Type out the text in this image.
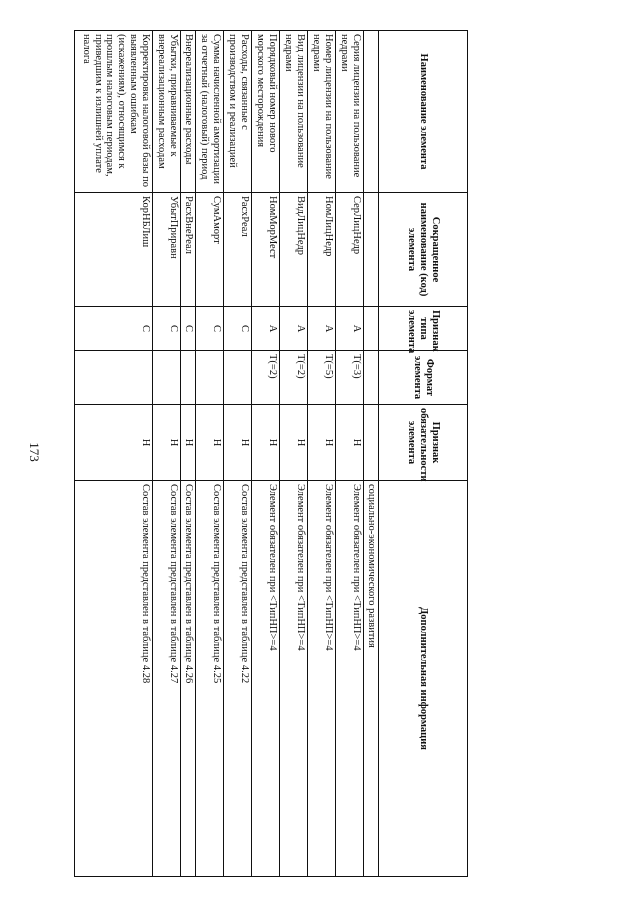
173
Наименование элемента	Сокращенное наименование (код) элемента	Признак типа элемента	Формат элемента	Признак обязательности элемента	Дополнительная информация
					социально-экономического развития
Серия лицензии на пользование недрами	СерЛицНедр	А	T(=3)	Н	Элемент обязателен при <ТипНП>=4
Номер лицензии на пользование недрами	НомЛицНедр	А	T(=5)	Н	Элемент обязателен при <ТипНП>=4
Вид лицензии на пользование недрами	ВидЛицНедр	А	T(=2)	Н	Элемент обязателен при <ТипНП>=4
Порядковый номер нового морского месторождения	НомМорМест	А	T(=2)	Н	Элемент обязателен при <ТипНП>=4
Расходы, связанные с производством и реализацией	РасхРеал	С		Н	Состав элемента представлен в таблице 4.22
Сумма начисленной амортизации за отчетный (налоговый) период	СумАморт	С		Н	Состав элемента представлен в таблице 4.25
Внереализационные расходы	РасхВнеРеал	С		Н	Состав элемента представлен в таблице 4.26
Убытки, приравниваемые к внереализационным расходам	УбытПриравн	С		Н	Состав элемента представлен в таблице 4.27
Корректировка налоговой базы по выявленным ошибкам (искажениям), относящимся к прошлым налоговым периодам, приведшим к излишней уплате налога	КорНБЛиш	С		Н	Состав элемента представлен в таблице 4.28
